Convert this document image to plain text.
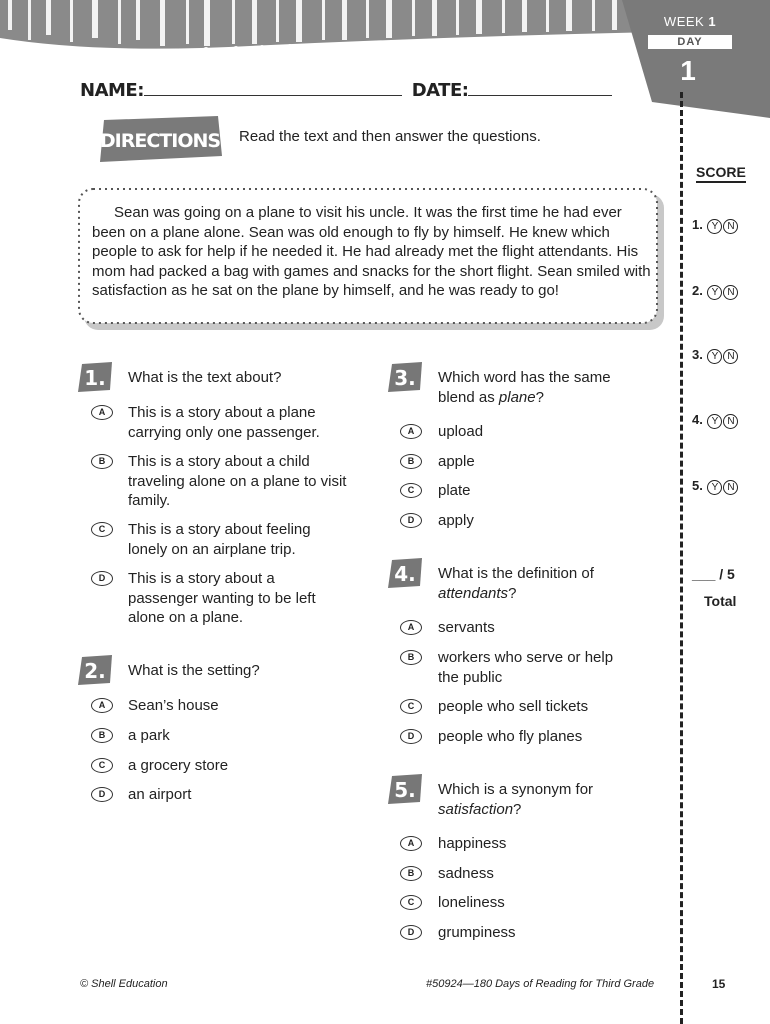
WEEK 1
DAY
1
NAME:	DATE:
DIRECTIONS Read the text and then answer the questions.
Sean was going on a plane to visit his uncle. It was the first time he had ever been on a plane alone. Sean was old enough to fly by himself. He knew which people to ask for help if he needed it. He had already met the flight attendants. His mom had packed a bag with games and snacks for the short flight. Sean smiled with satisfaction as he sat on the plane by himself, and he was ready to go!
SCORE
1. Y N
2. Y N
3. Y N
4. Y N
5. Y N
___ / 5
Total
1. What is the text about?
A	This is a story about a plane carrying only one passenger.
B	This is a story about a child traveling alone on a plane to visit family.
C	This is a story about feeling lonely on an airplane trip.
D	This is a story about a passenger wanting to be left alone on a plane.
2. What is the setting?
A	Sean’s house
B	a park
C	a grocery store
D	an airport
3. Which word has the same blend as plane?
A	upload
B	apple
C	plate
D	apply
4. What is the definition of attendants?
A	servants
B	workers who serve or help the public
C	people who sell tickets
D	people who fly planes
5. Which is a synonym for satisfaction?
A	happiness
B	sadness
C	loneliness
D	grumpiness
© Shell Education	#50924—180 Days of Reading for Third Grade	15
